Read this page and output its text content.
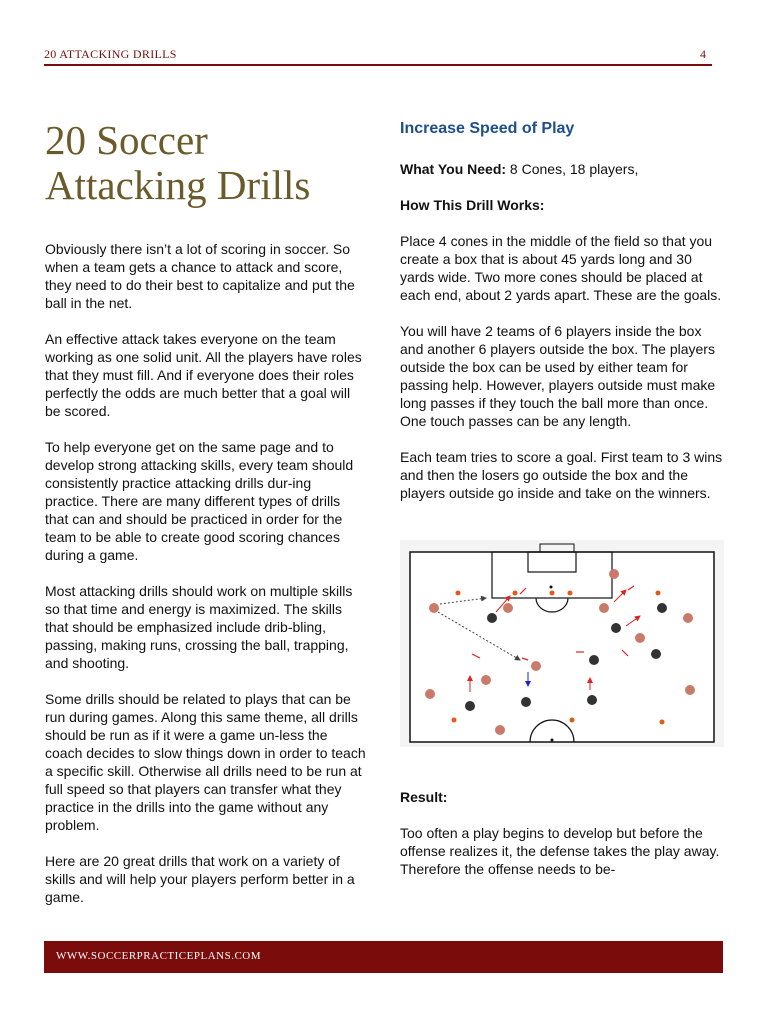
20 ATTACKING DRILLS	4
20 Soccer Attacking Drills

Obviously there isn’t a lot of scoring in soccer. So when a team gets a chance to attack and score, they need to do their best to capitalize and put the ball in the net.

An effective attack takes everyone on the team working as one solid unit. All the players have roles that they must fill. And if everyone does their roles perfectly the odds are much better that a goal will be scored.

To help everyone get on the same page and to develop strong attacking skills, every team should consistently practice attacking drills dur-ing practice. There are many different types of drills that can and should be practiced in order for the team to be able to create good scoring chances during a game.

Most attacking drills should work on multiple skills so that time and energy is maximized. The skills that should be emphasized include drib-bling, passing, making runs, crossing the ball, trapping, and shooting.

Some drills should be related to plays that can be run during games. Along this same theme, all drills should be run as if it were a game un-less the coach decides to slow things down in order to teach a specific skill. Otherwise all drills need to be run at full speed so that players can transfer what they practice in the drills into the game without any problem.

Here are 20 great drills that work on a variety of skills and will help your players perform better in a game.

Increase Speed of Play

What You Need: 8 Cones, 18 players,

How This Drill Works:

Place 4 cones in the middle of the field so that you create a box that is about 45 yards long and 30 yards wide. Two more cones should be placed at each end, about 2 yards apart. These are the goals.

You will have 2 teams of 6 players inside the box and another 6 players outside the box. The players outside the box can be used by either team for passing help. However, players outside must make long passes if they touch the ball more than once. One touch passes can be any length.

Each team tries to score a goal. First team to 3 wins and then the losers go outside the box and the players outside go inside and take on the winners.

Result:

Too often a play begins to develop but before the offense realizes it, the defense takes the play away. Therefore the offense needs to be-

WWW.SOCCERPRACTICEPLANS.COM
